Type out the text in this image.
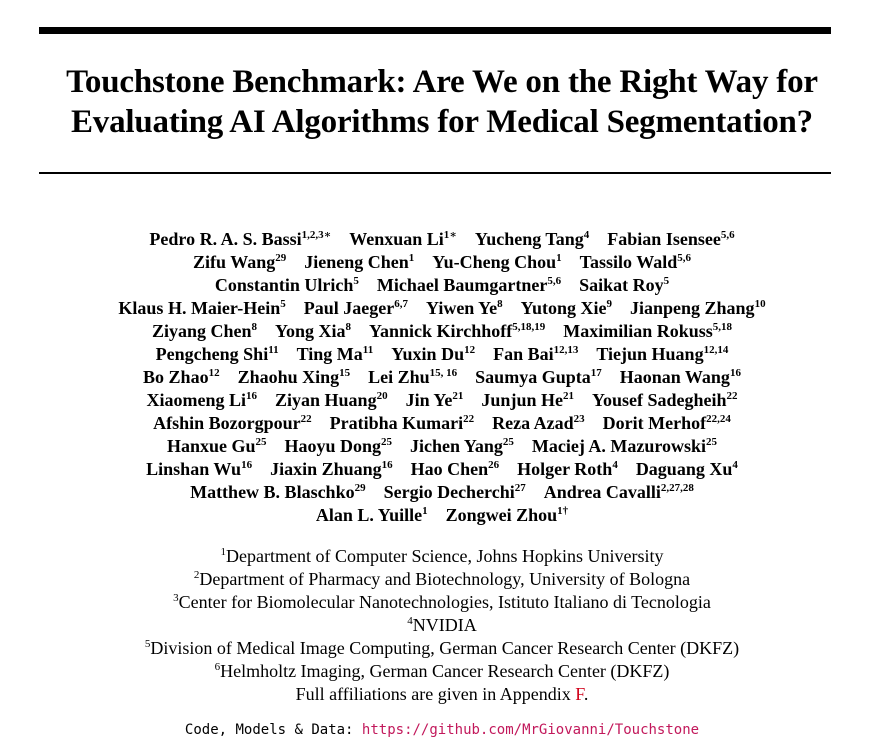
Touchstone Benchmark: Are We on the Right Way for
Evaluating AI Algorithms for Medical Segmentation?
Pedro R. A. S. Bassi$^{1,2,3∗}$ Wenxuan $Li^{1∗}$ Yucheng Tang$^4$ Fabian Isensee$^{5,6}$
Zifu Wang$^{29}$ Jieneng Chen$^1$ Yu-Cheng Chou$^1$ Tassilo Wald$^{5,6}$
Constantin Ulrich$^5$ Michael Baumgartner$^{5,6}$ Saikat Roy$^5$
Klaus H. Maier-Hein$^5$ Paul Jaeger$^{6,7}$ Yiwen Ye$^8$ Yutong Xie$^9$ Jianpeng Zhang$^{10}$
Ziyang Chen$^8$ Yong Xia$^8$ Yannick Kirchhoff$^{5,18,19}$ Maximilian Rokuss$^{5,18}$
Pengcheng Shi$^{11}$ Ting Ma$^{11}$ Yuxin Du$^{12}$ Fan Bai$^{12,13}$ Tiejun Huang$^{12,14}$
Bo Zhao$^{12}$ Zhaohu Xing$^{15}$ Lei Zhu$^{15, 16}$ Saumya Gupta$^{17}$ Haonan Wang$^{16}$
Xiaomeng Li$^{16}$ Ziyan Huang$^{20}$ Jin Ye$^{21}$ Junjun He$^{21}$ Yousef Sadegheih$^{22}$
Afshin Bozorgpour$^{22}$ Pratibha Kumari$^{22}$ Reza Azad$^{23}$ Dorit Merhof$^{22,24}$
Hanxue Gu$^{25}$ Haoyu Dong$^{25}$ Jichen Yang$^{25}$ Maciej A. Mazurowski$^{25}$
Linshan Wu$^{16}$ Jiaxin Zhuang$^{16}$ Hao Chen$^{26}$ Holger Roth$^4$ Daguang Xu$^4$
Matthew B. Blaschko$^{29}$ Sergio Decherchi$^{27}$ Andrea Cavalli$^{2,27,28}$
Alan L. Yuille$^1$ Zongwei Zhou$^{1\dagger}$
$^1$Department of Computer Science, Johns Hopkins University
$^2$Department of Pharmacy and Biotechnology, University of Bologna
$^3$Center for Biomolecular Nanotechnologies, Istituto Italiano di Tecnologia
$^4$NVIDIA
$^5$Division of Medical Image Computing, German Cancer Research Center (DKFZ)
$^6$Helmholtz Imaging, German Cancer Research Center (DKFZ)
Full affiliations are given in Appendix F.
Code, Models & Data: https://github.com/MrGiovanni/Touchstone
